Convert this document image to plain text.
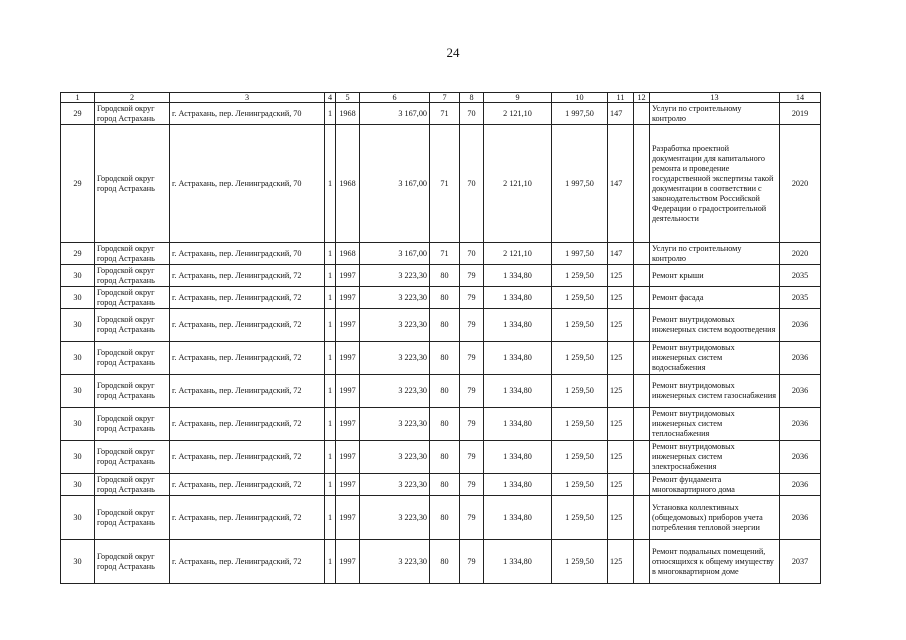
24
1	2	3	4	5	6	7	8	9	10	11	12	13	14
29	Городской округ город Астрахань	г. Астрахань, пер. Ленинградский, 70	1	1968	3 167,00	71	70	2 121,10	1 997,50	147		Услуги по строительному контролю	2019
29	Городской округ город Астрахань	г. Астрахань, пер. Ленинградский, 70	1	1968	3 167,00	71	70	2 121,10	1 997,50	147		Разработка проектной документации для капитального ремонта и проведение государственной экспертизы такой документации в соответствии с законодательством Российской Федерации о градостроительной деятельности	2020
29	Городской округ город Астрахань	г. Астрахань, пер. Ленинградский, 70	1	1968	3 167,00	71	70	2 121,10	1 997,50	147		Услуги по строительному контролю	2020
30	Городской округ город Астрахань	г. Астрахань, пер. Ленинградский, 72	1	1997	3 223,30	80	79	1 334,80	1 259,50	125		Ремонт крыши	2035
30	Городской округ город Астрахань	г. Астрахань, пер. Ленинградский, 72	1	1997	3 223,30	80	79	1 334,80	1 259,50	125		Ремонт фасада	2035
30	Городской округ город Астрахань	г. Астрахань, пер. Ленинградский, 72	1	1997	3 223,30	80	79	1 334,80	1 259,50	125		Ремонт внутридомовых инженерных систем водоотведения	2036
30	Городской округ город Астрахань	г. Астрахань, пер. Ленинградский, 72	1	1997	3 223,30	80	79	1 334,80	1 259,50	125		Ремонт внутридомовых инженерных систем водоснабжения	2036
30	Городской округ город Астрахань	г. Астрахань, пер. Ленинградский, 72	1	1997	3 223,30	80	79	1 334,80	1 259,50	125		Ремонт внутридомовых инженерных систем газоснабжения	2036
30	Городской округ город Астрахань	г. Астрахань, пер. Ленинградский, 72	1	1997	3 223,30	80	79	1 334,80	1 259,50	125		Ремонт внутридомовых инженерных систем теплоснабжения	2036
30	Городской округ город Астрахань	г. Астрахань, пер. Ленинградский, 72	1	1997	3 223,30	80	79	1 334,80	1 259,50	125		Ремонт внутридомовых инженерных систем электроснабжения	2036
30	Городской округ город Астрахань	г. Астрахань, пер. Ленинградский, 72	1	1997	3 223,30	80	79	1 334,80	1 259,50	125		Ремонт фундамента многоквартирного дома	2036
30	Городской округ город Астрахань	г. Астрахань, пер. Ленинградский, 72	1	1997	3 223,30	80	79	1 334,80	1 259,50	125		Установка коллективных (общедомовых) приборов учета потребления тепловой энергии	2036
30	Городской округ город Астрахань	г. Астрахань, пер. Ленинградский, 72	1	1997	3 223,30	80	79	1 334,80	1 259,50	125		Ремонт подвальных помещений, относящихся к общему имуществу в многоквартирном доме	2037
